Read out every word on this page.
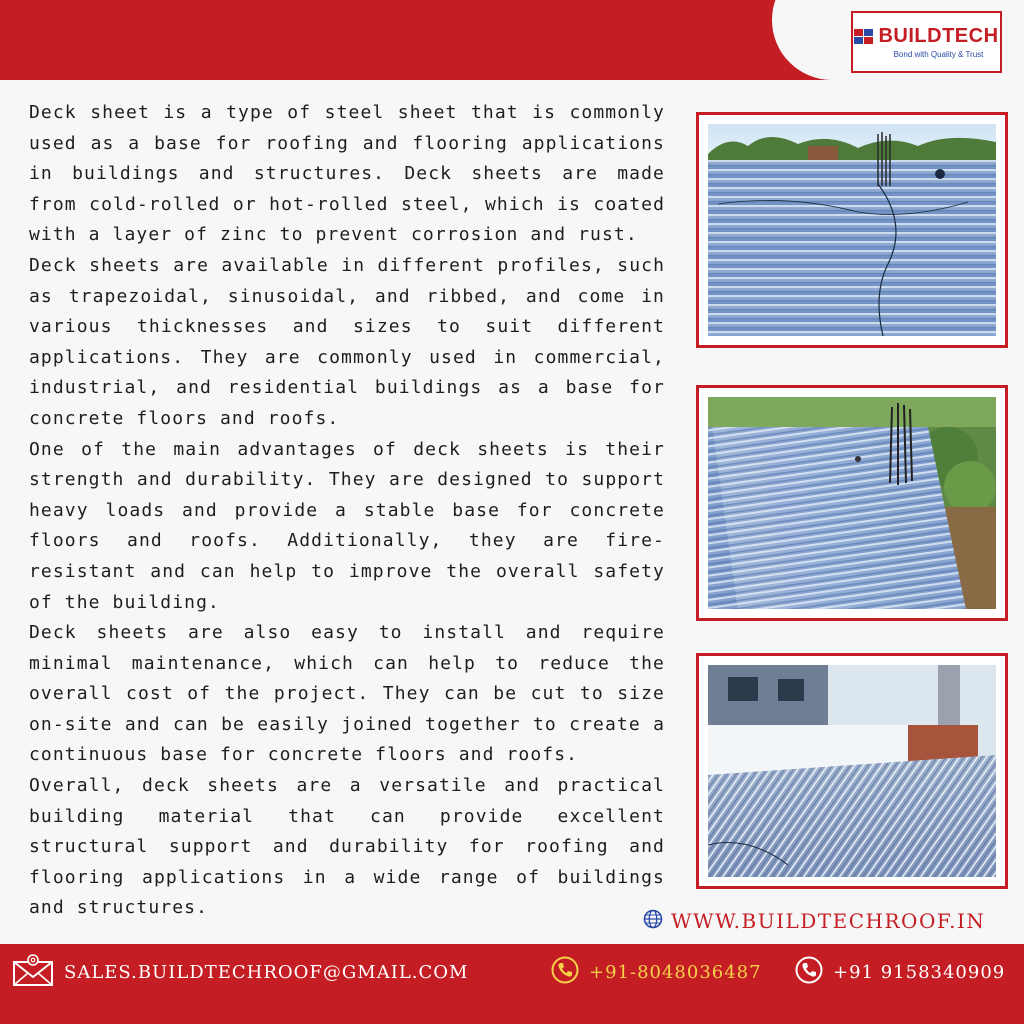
BUILDTECH
Bond with Quality & Trust

Deck sheet is a type of steel sheet that is commonly used as a base for roofing and flooring applications in buildings and structures. Deck sheets are made from cold-rolled or hot-rolled steel, which is coated with a layer of zinc to prevent corrosion and rust.

Deck sheets are available in different profiles, such as trapezoidal, sinusoidal, and ribbed, and come in various thicknesses and sizes to suit different applications. They are commonly used in commercial, industrial, and residential buildings as a base for concrete floors and roofs.

One of the main advantages of deck sheets is their strength and durability. They are designed to support heavy loads and provide a stable base for concrete floors and roofs. Additionally, they are fire-resistant and can help to improve the overall safety of the building.

Deck sheets are also easy to install and require minimal maintenance, which can help to reduce the overall cost of the project. They can be cut to size on-site and can be easily joined together to create a continuous base for concrete floors and roofs.

Overall, deck sheets are a versatile and practical building material that can provide excellent structural support and durability for roofing and flooring applications in a wide range of buildings and structures.

WWW.BUILDTECHROOF.IN
SALES.BUILDTECHROOF@GMAIL.COM	+91-8048036487	+91 9158340909
